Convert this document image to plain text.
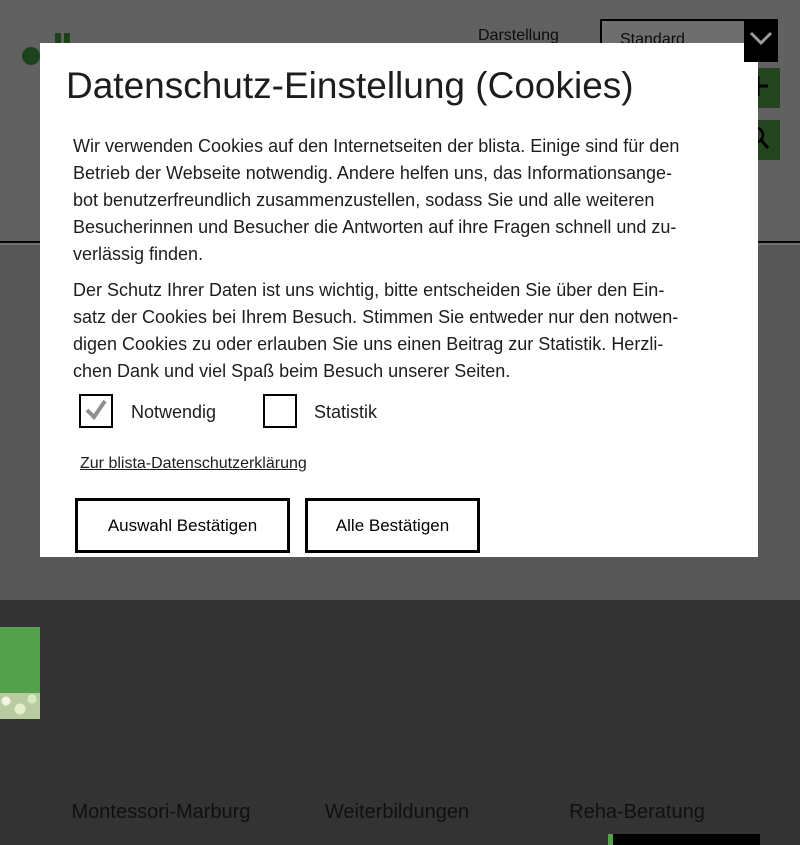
Montessori-Marburg	Weiterbildungen	Reha-Beratung
Datenschutz-Einstellung (Cookies)
Wir verwenden Cookies auf den Internetseiten der blista. Einige sind für den
Betrieb der Webseite notwendig. Andere helfen uns, das Informationsange-
bot benutzerfreundlich zusammenzustellen, sodass Sie und alle weiteren
Besucherinnen und Besucher die Antworten auf ihre Fragen schnell und zu-
verlässig finden.
Der Schutz Ihrer Daten ist uns wichtig, bitte entscheiden Sie über den Ein-
satz der Cookies bei Ihrem Besuch. Stimmen Sie entweder nur den notwen-
digen Cookies zu oder erlauben Sie uns einen Beitrag zur Statistik. Herzli-
chen Dank und viel Spaß beim Besuch unserer Seiten.
Notwendig	Statistik
Zur blista-Datenschutzerklärung
Auswahl Bestätigen	Alle Bestätigen
